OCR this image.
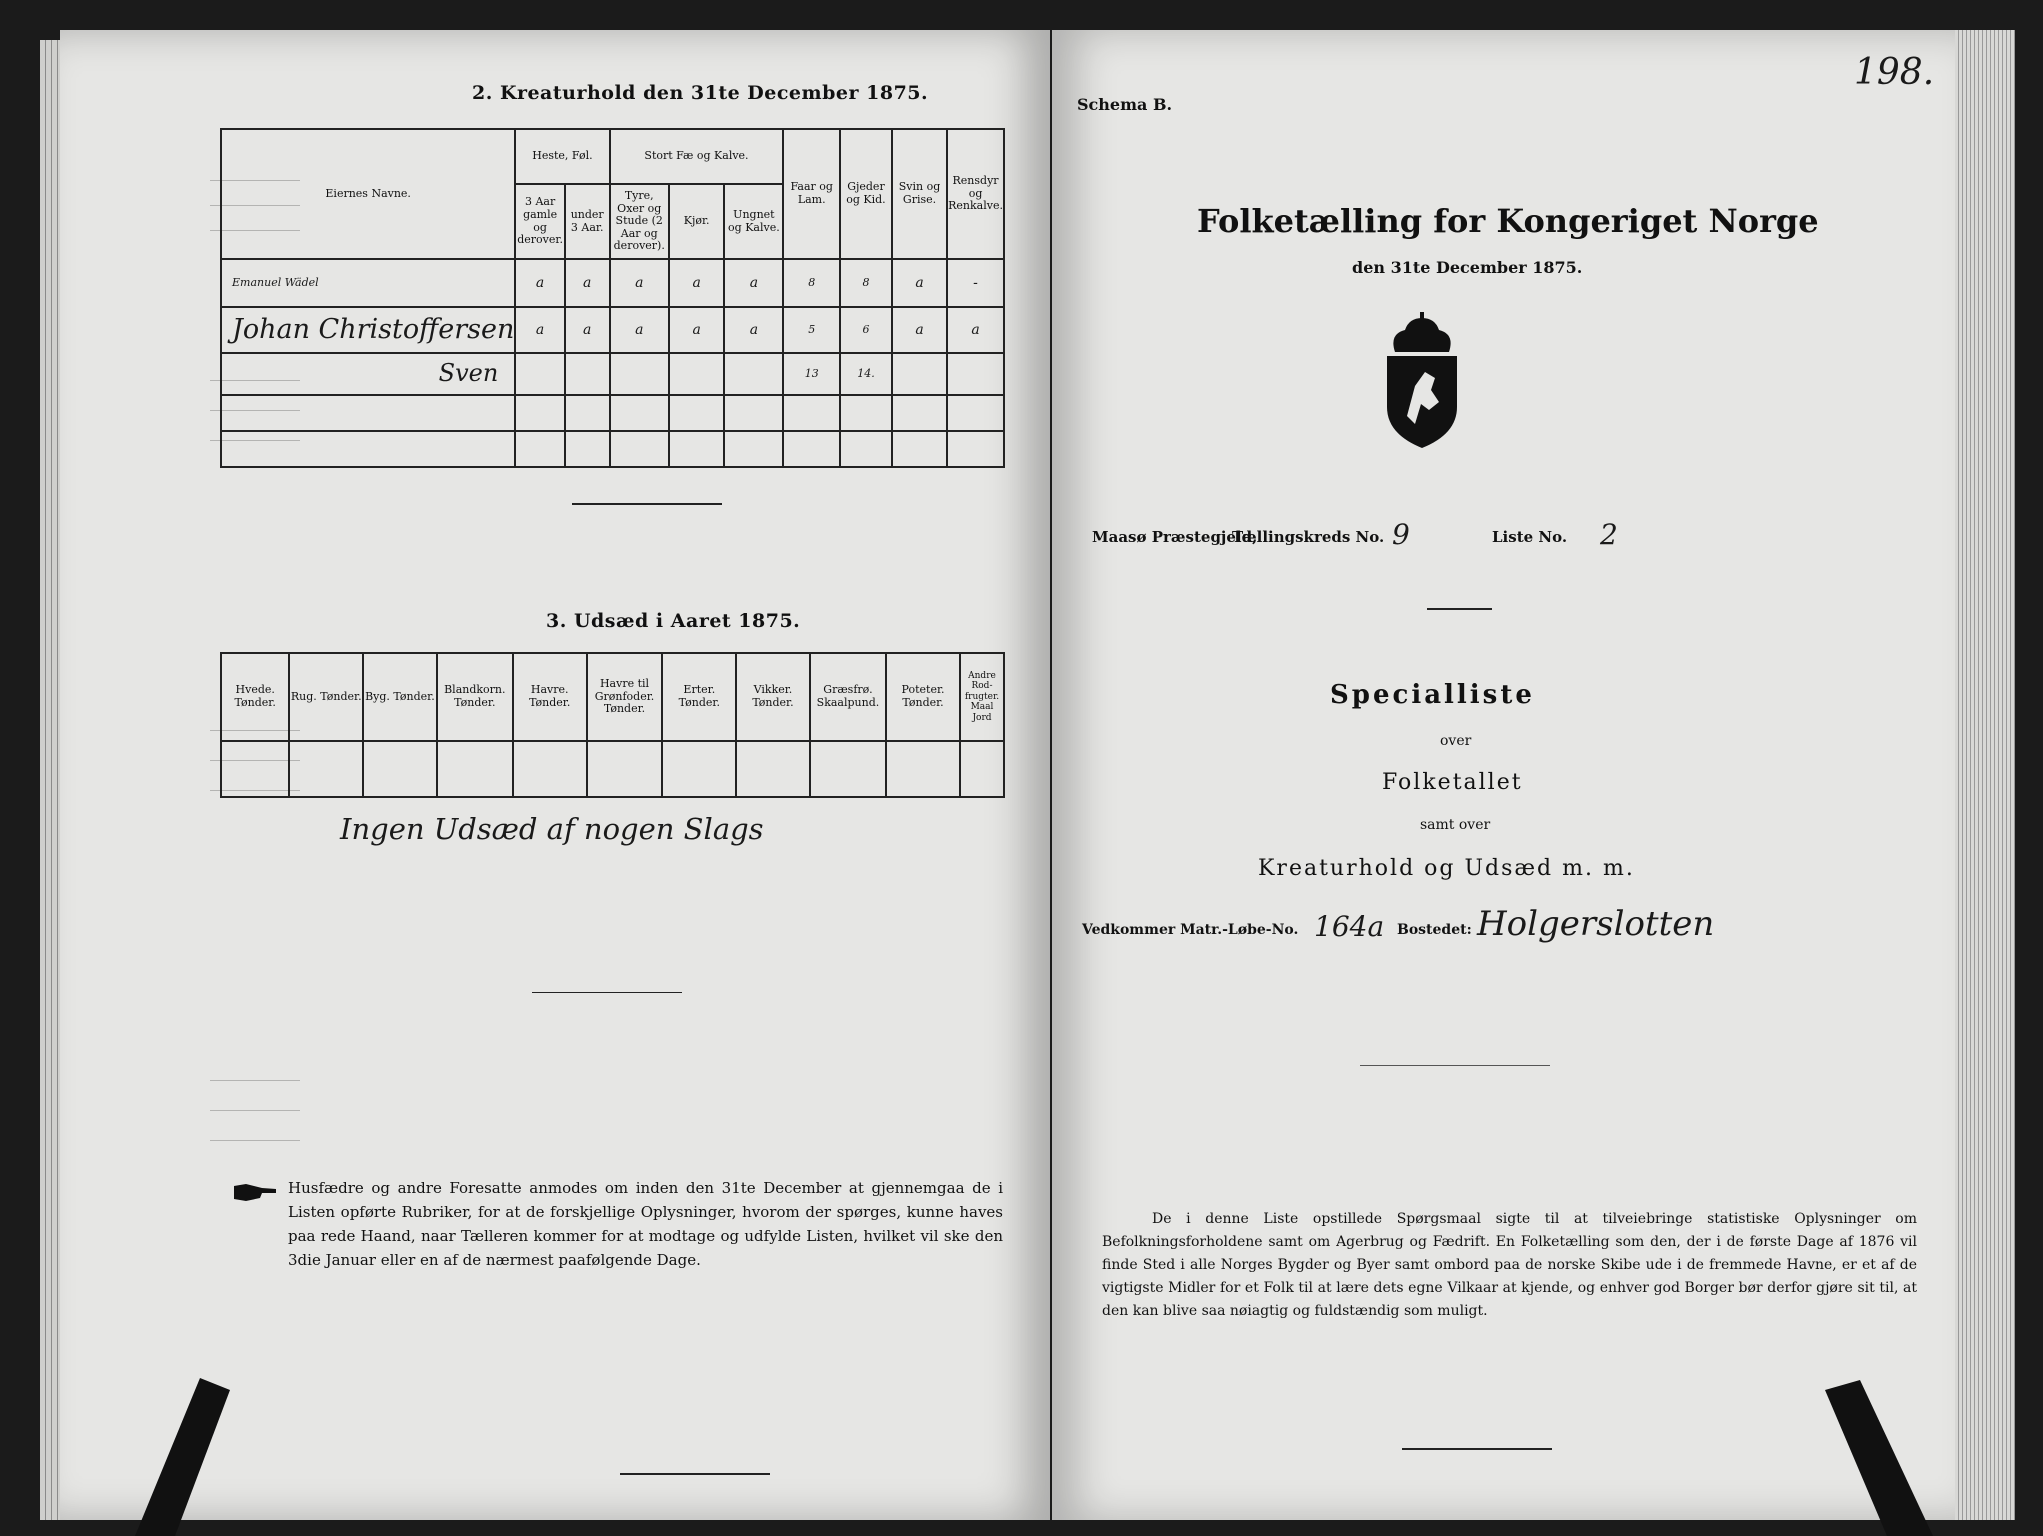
2. Kreaturhold den 31te December 1875.
Eiernes Navne.	Heste, Føl.		Stort Fæ og Kalve.			Faar og Lam.	Gjeder og Kid.	Svin og Grise.	Rensdyr og Renkalve.
	3 Aar gamle og derover.	under 3 Aar.	Tyre, Oxer og Stude (2 Aar og derover).	Kjør.	Ungnet og Kalve.				
Emanuel Wädel	a	a	a	a	a	8	8	a	-
Johan Christoffersen	a	a	a	a	a	5	6	a	a
Sven						13	14.		

3. Udsæd i Aaret 1875.
Hvede. Tønder.	Rug. Tønder.	Byg. Tønder.	Blandkorn. Tønder.	Havre. Tønder.	Havre til Grønfoder. Tønder.	Erter. Tønder.	Vikker. Tønder.	Græsfrø. Skaalpund.	Poteter. Tønder.	Andre Rod-frugter. Maal Jord

Ingen Udsæd af nogen Slags
Husfædre og andre Foresatte anmodes om inden den 31te December at gjennemgaa de i Listen opførte Rubriker, for at de forskjellige Oplysninger, hvorom der spørges, kunne haves paa rede Haand, naar Tælleren kommer for at modtage og udfylde Listen, hvilket vil ske den 3die Januar eller en af de nærmest paafølgende Dage.
198.
Schema B.
Folketælling for Kongeriget Norge
den 31te December 1875.
Maasø Præstegjeld,
Tællingskreds No. 9	Liste No. 2
Specialliste
over
Folketallet
samt over
Kreaturhold og Udsæd m. m.
Vedkommer Matr.-Løbe-No. 164a Bostedet: Holgerslotten
De i denne Liste opstillede Spørgsmaal sigte til at tilveiebringe statistiske Oplysninger om Befolkningsforholdene samt om Agerbrug og Fædrift. En Folketælling som den, der i de første Dage af 1876 vil finde Sted i alle Norges Bygder og Byer samt ombord paa de norske Skibe ude i de fremmede Havne, er et af de vigtigste Midler for et Folk til at lære dets egne Vilkaar at kjende, og enhver god Borger bør derfor gjøre sit til, at den kan blive saa nøiagtig og fuldstændig som muligt.
